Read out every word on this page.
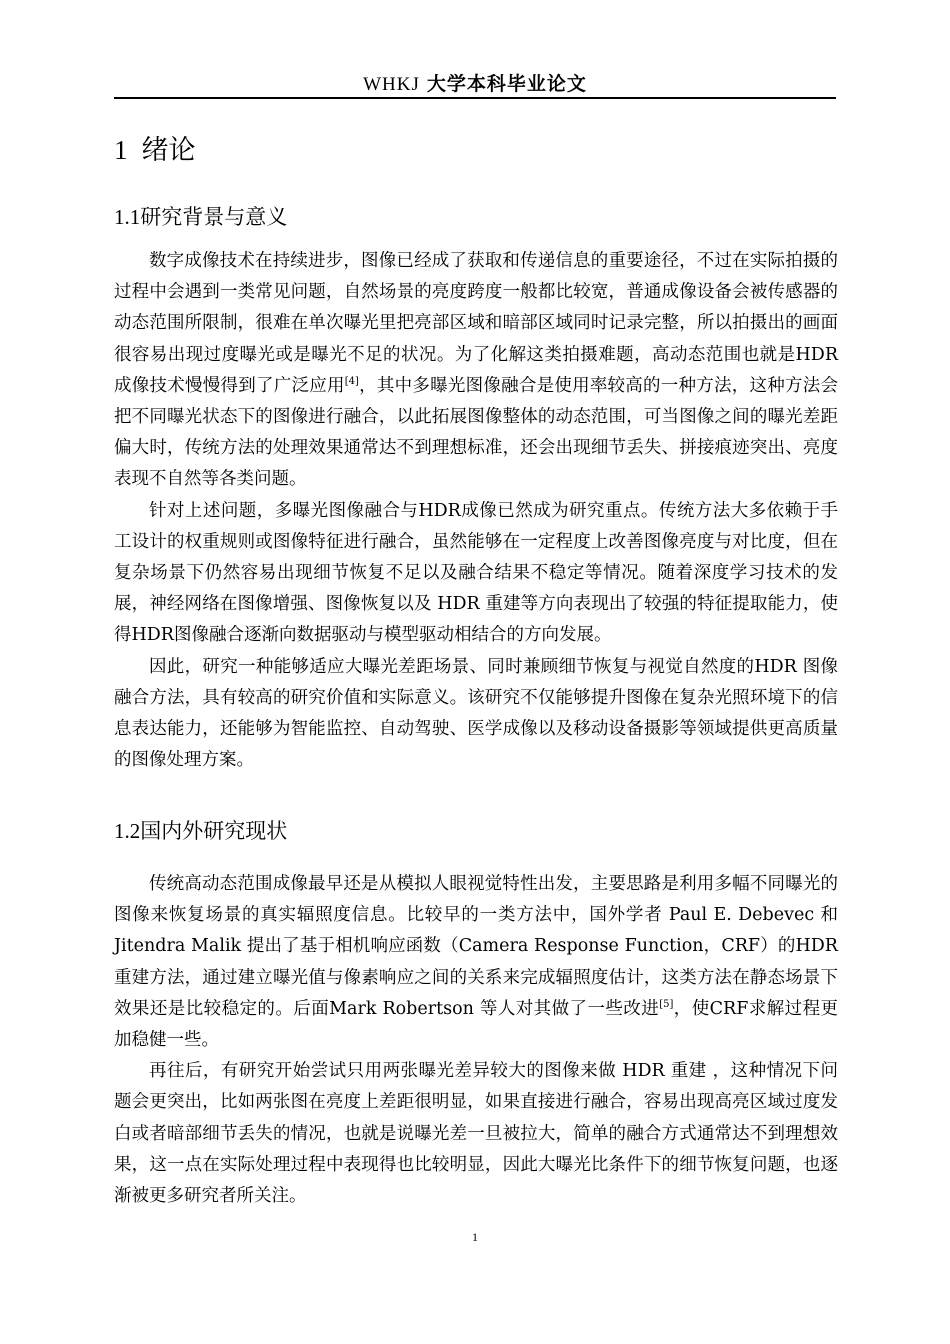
WHKJ 大学本科毕业论文
1 绪论
1.1研究背景与意义

数字成像技术在持续进步，图像已经成了获取和传递信息的重要途径，不过在实际拍摄的过程中会遇到一类常见问题，自然场景的亮度跨度一般都比较宽，普通成像设备会被传感器的动态范围所限制，很难在单次曝光里把亮部区域和暗部区域同时记录完整，所以拍摄出的画面很容易出现过度曝光或是曝光不足的状况。为了化解这类拍摄难题，高动态范围也就是HDR成像技术慢慢得到了广泛应用[4]，其中多曝光图像融合是使用率较高的一种方法，这种方法会把不同曝光状态下的图像进行融合，以此拓展图像整体的动态范围，可当图像之间的曝光差距偏大时，传统方法的处理效果通常达不到理想标准，还会出现细节丢失、拼接痕迹突出、亮度表现不自然等各类问题。

针对上述问题，多曝光图像融合与HDR成像已然成为研究重点。传统方法大多依赖于手工设计的权重规则或图像特征进行融合，虽然能够在一定程度上改善图像亮度与对比度，但在复杂场景下仍然容易出现细节恢复不足以及融合结果不稳定等情况。随着深度学习技术的发展，神经网络在图像增强、图像恢复以及 HDR 重建等方向表现出了较强的特征提取能力，使得HDR图像融合逐渐向数据驱动与模型驱动相结合的方向发展。

因此，研究一种能够适应大曝光差距场景、同时兼顾细节恢复与视觉自然度的HDR 图像融合方法，具有较高的研究价值和实际意义。该研究不仅能够提升图像在复杂光照环境下的信息表达能力，还能够为智能监控、自动驾驶、医学成像以及移动设备摄影等领域提供更高质量的图像处理方案。

1.2国内外研究现状

传统高动态范围成像最早还是从模拟人眼视觉特性出发，主要思路是利用多幅不同曝光的图像来恢复场景的真实辐照度信息。比较早的一类方法中，国外学者 Paul E. Debevec 和 Jitendra Malik 提出了基于相机响应函数（Camera Response Function，CRF）的HDR重建方法，通过建立曝光值与像素响应之间的关系来完成辐照度估计，这类方法在静态场景下效果还是比较稳定的。后面Mark Robertson 等人对其做了一些改进[5]，使CRF求解过程更加稳健一些。

再往后，有研究开始尝试只用两张曝光差异较大的图像来做 HDR 重建 ，这种情况下问题会更突出，比如两张图在亮度上差距很明显，如果直接进行融合，容易出现高亮区域过度发白或者暗部细节丢失的情况，也就是说曝光差一旦被拉大，简单的融合方式通常达不到理想效果，这一点在实际处理过程中表现得也比较明显，因此大曝光比条件下的细节恢复问题，也逐渐被更多研究者所关注。

1
